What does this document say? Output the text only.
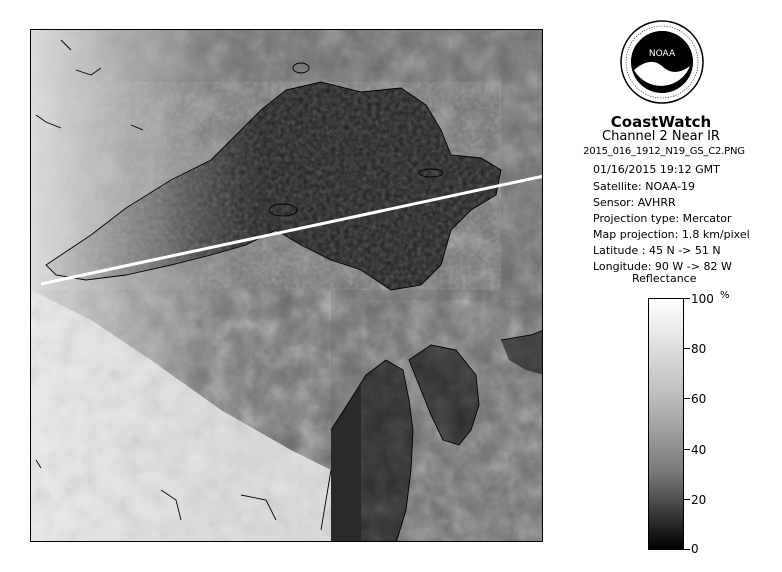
NOAA
CoastWatch
Channel 2 Near IR
2015_016_1912_N19_GS_C2.PNG
01/16/2015 19:12 GMT
Satellite: NOAA-19
Sensor: AVHRR
Projection type: Mercator
Map projection: 1.8 km/pixel
Latitude : 45 N -> 51 N
Longitude: 90 W -> 82 W
Reflectance
100 %
80
60
40
20
0
